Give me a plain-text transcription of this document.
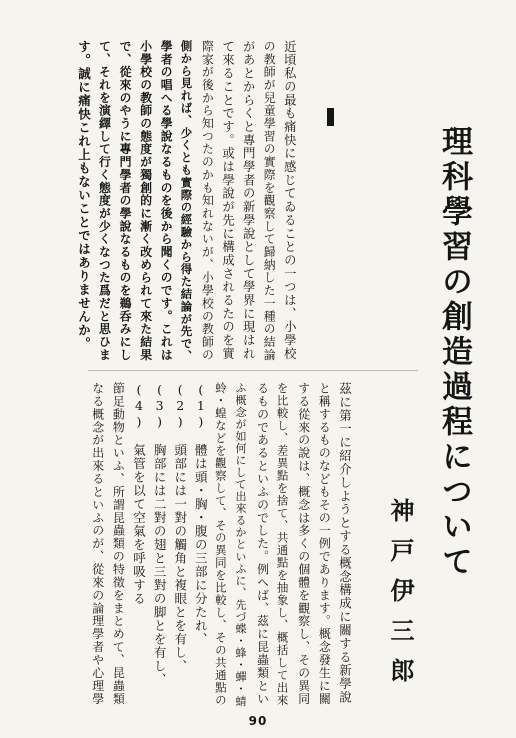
理科學習の創造過程について
神戸伊三郎
近頃私の最も痛快に感じてゐることの一つは、小學校
の教師が兒童學習の實際を觀察して歸納した一種の結論
があとからくと專門學者の新學說として學界に現はれ
て來ることです。或は學說が先に構成されるたのを實
際家が後から知つたのかも知れないが、小學校の教師の
側から見れば、少くとも實際の經驗から得た結論が先で、
學者の唱へる學說なるものを後から聞くのです。これは
小學校の教師の態度が獨創的に漸く改められて來た結果
で、從來のやうに專門學者の學說なるものを鵜呑みにし
て、それを演繹して行く態度が少くなつた爲だと思ひま
す。誠に痛快これ上もないことではありませんか。
茲に第一に紹介しようとする概念構成に關する新學說
と稱するものなどもその一例であります。概念發生に關
する從來の說は、概念は多くの個體を觀察し、その異同
を比較し、差異點を捨て、共通點を抽象し、概括して出來
るものであるといふのでした。例へば、茲に昆蟲類とい
ふ概念が如何にして出來るかといふに、先づ蝶・蜂・蟬・蜻
蛉・蝗などを觀察して、その異同を比較し、その共通點の
(1)　體は頭・胸・腹の三部に分たれ、
(2)　頭部には一對の觸角と複眼とを有し、
(3)　胸部には二對の翅と三對の脚とを有し、
(4)　氣管を以て空氣を呼吸する
節足動物といふ、所謂昆蟲類の特徵をまとめて、昆蟲類
なる概念が出來るといふのが、從來の論理學者や心理學
90
